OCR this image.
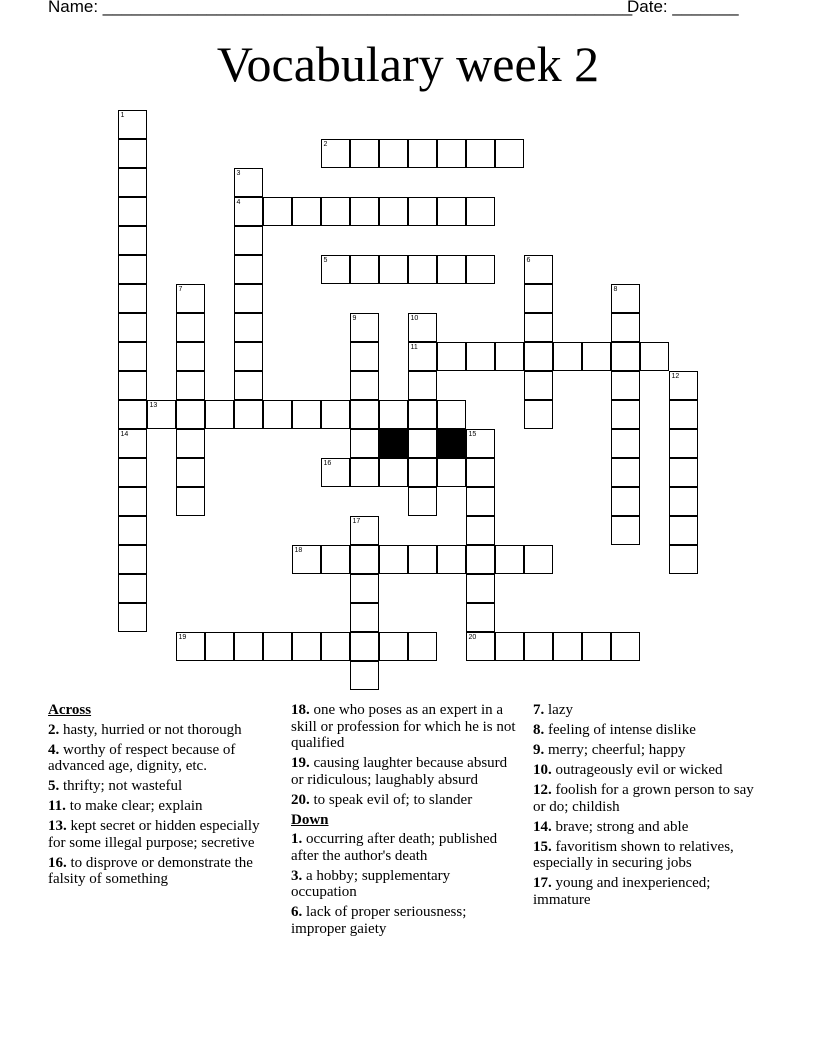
Name: ________________________________________________________
Date: _______
Vocabulary week 2
1
14
2
3
4
5	6
7	8
9	10
11
12
13
15
16
17
18
19	20
Across
2. hasty, hurried or not thorough
4. worthy of respect because of advanced age, dignity, etc.
5. thrifty; not wasteful
11. to make clear; explain
13. kept secret or hidden especially for some illegal purpose; secretive
16. to disprove or demonstrate the falsity of something
18. one who poses as an expert in a skill or profession for which he is not qualified
19. causing laughter because absurd or ridiculous; laughably absurd
20. to speak evil of; to slander
Down
1. occurring after death; published after the author's death
3. a hobby; supplementary occupation
6. lack of proper seriousness; improper gaiety
7. lazy
8. feeling of intense dislike
9. merry; cheerful; happy
10. outrageously evil or wicked
12. foolish for a grown person to say or do; childish
14. brave; strong and able
15. favoritism shown to relatives, especially in securing jobs
17. young and inexperienced; immature
